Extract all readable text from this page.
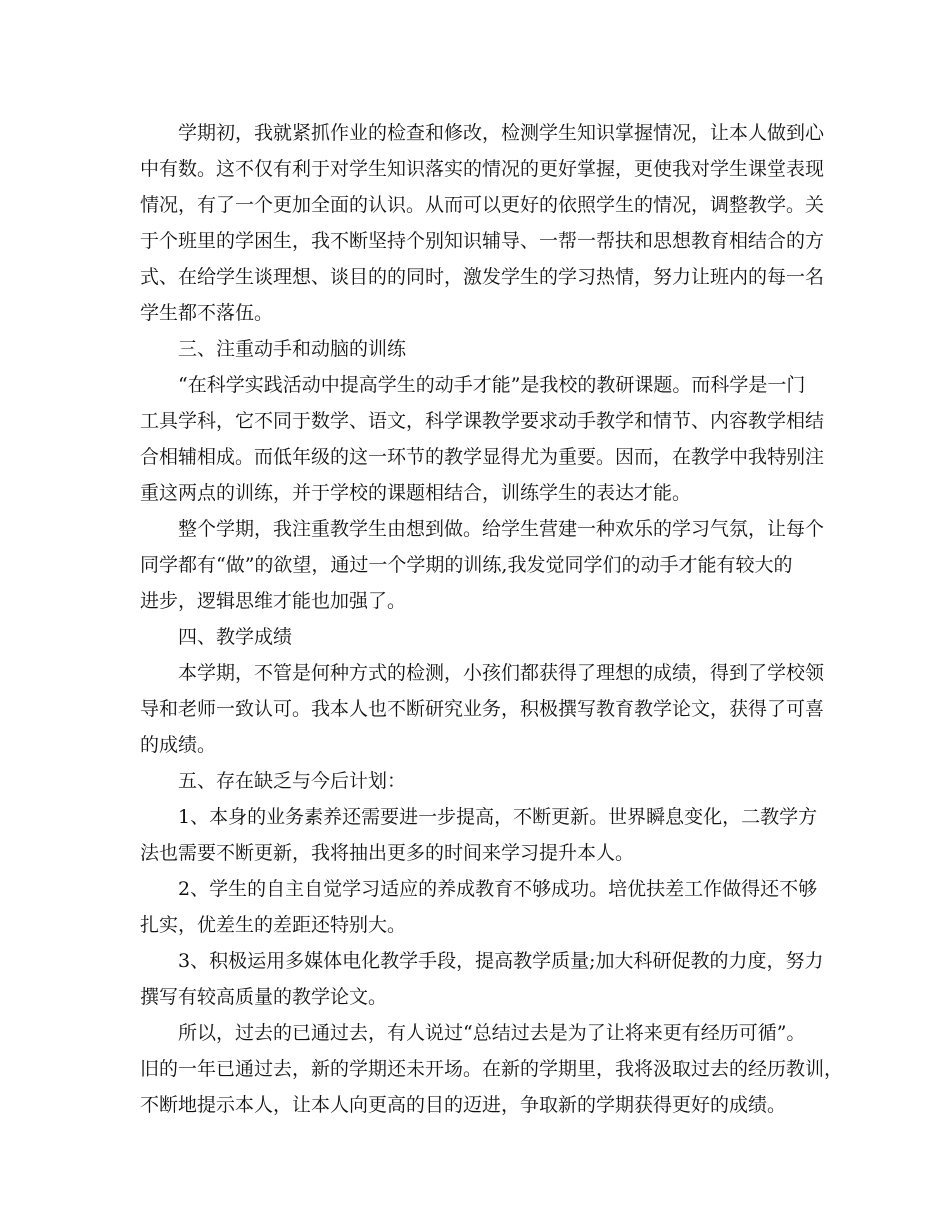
学期初，我就紧抓作业的检查和修改，检测学生知识掌握情况，让本人做到心
中有数。这不仅有利于对学生知识落实的情况的更好掌握，更使我对学生课堂表现
情况，有了一个更加全面的认识。从而可以更好的依照学生的情况，调整教学。关
于个班里的学困生，我不断坚持个别知识辅导、一帮一帮扶和思想教育相结合的方
式、在给学生谈理想、谈目的的同时，激发学生的学习热情，努力让班内的每一名
学生都不落伍。
三、注重动手和动脑的训练
“在科学实践活动中提高学生的动手才能”是我校的教研课题。而科学是一门
工具学科，它不同于数学、语文，科学课教学要求动手教学和情节、内容教学相结
合相辅相成。而低年级的这一环节的教学显得尤为重要。因而，在教学中我特别注
重这两点的训练，并于学校的课题相结合，训练学生的表达才能。
整个学期，我注重教学生由想到做。给学生营建一种欢乐的学习气氛，让每个
同学都有“做”的欲望，通过一个学期的训练,我发觉同学们的动手才能有较大的
进步，逻辑思维才能也加强了。
四、教学成绩
本学期，不管是何种方式的检测，小孩们都获得了理想的成绩，得到了学校领
导和老师一致认可。我本人也不断研究业务，积极撰写教育教学论文，获得了可喜
的成绩。
五、存在缺乏与今后计划：
1、本身的业务素养还需要进一步提高，不断更新。世界瞬息变化，二教学方
法也需要不断更新，我将抽出更多的时间来学习提升本人。
2、学生的自主自觉学习适应的养成教育不够成功。培优扶差工作做得还不够
扎实，优差生的差距还特别大。
3、积极运用多媒体电化教学手段，提高教学质量;加大科研促教的力度，努力
撰写有较高质量的教学论文。
所以，过去的已通过去，有人说过“总结过去是为了让将来更有经历可循”。
旧的一年已通过去，新的学期还未开场。在新的学期里，我将汲取过去的经历教训，
不断地提示本人，让本人向更高的目的迈进，争取新的学期获得更好的成绩。
